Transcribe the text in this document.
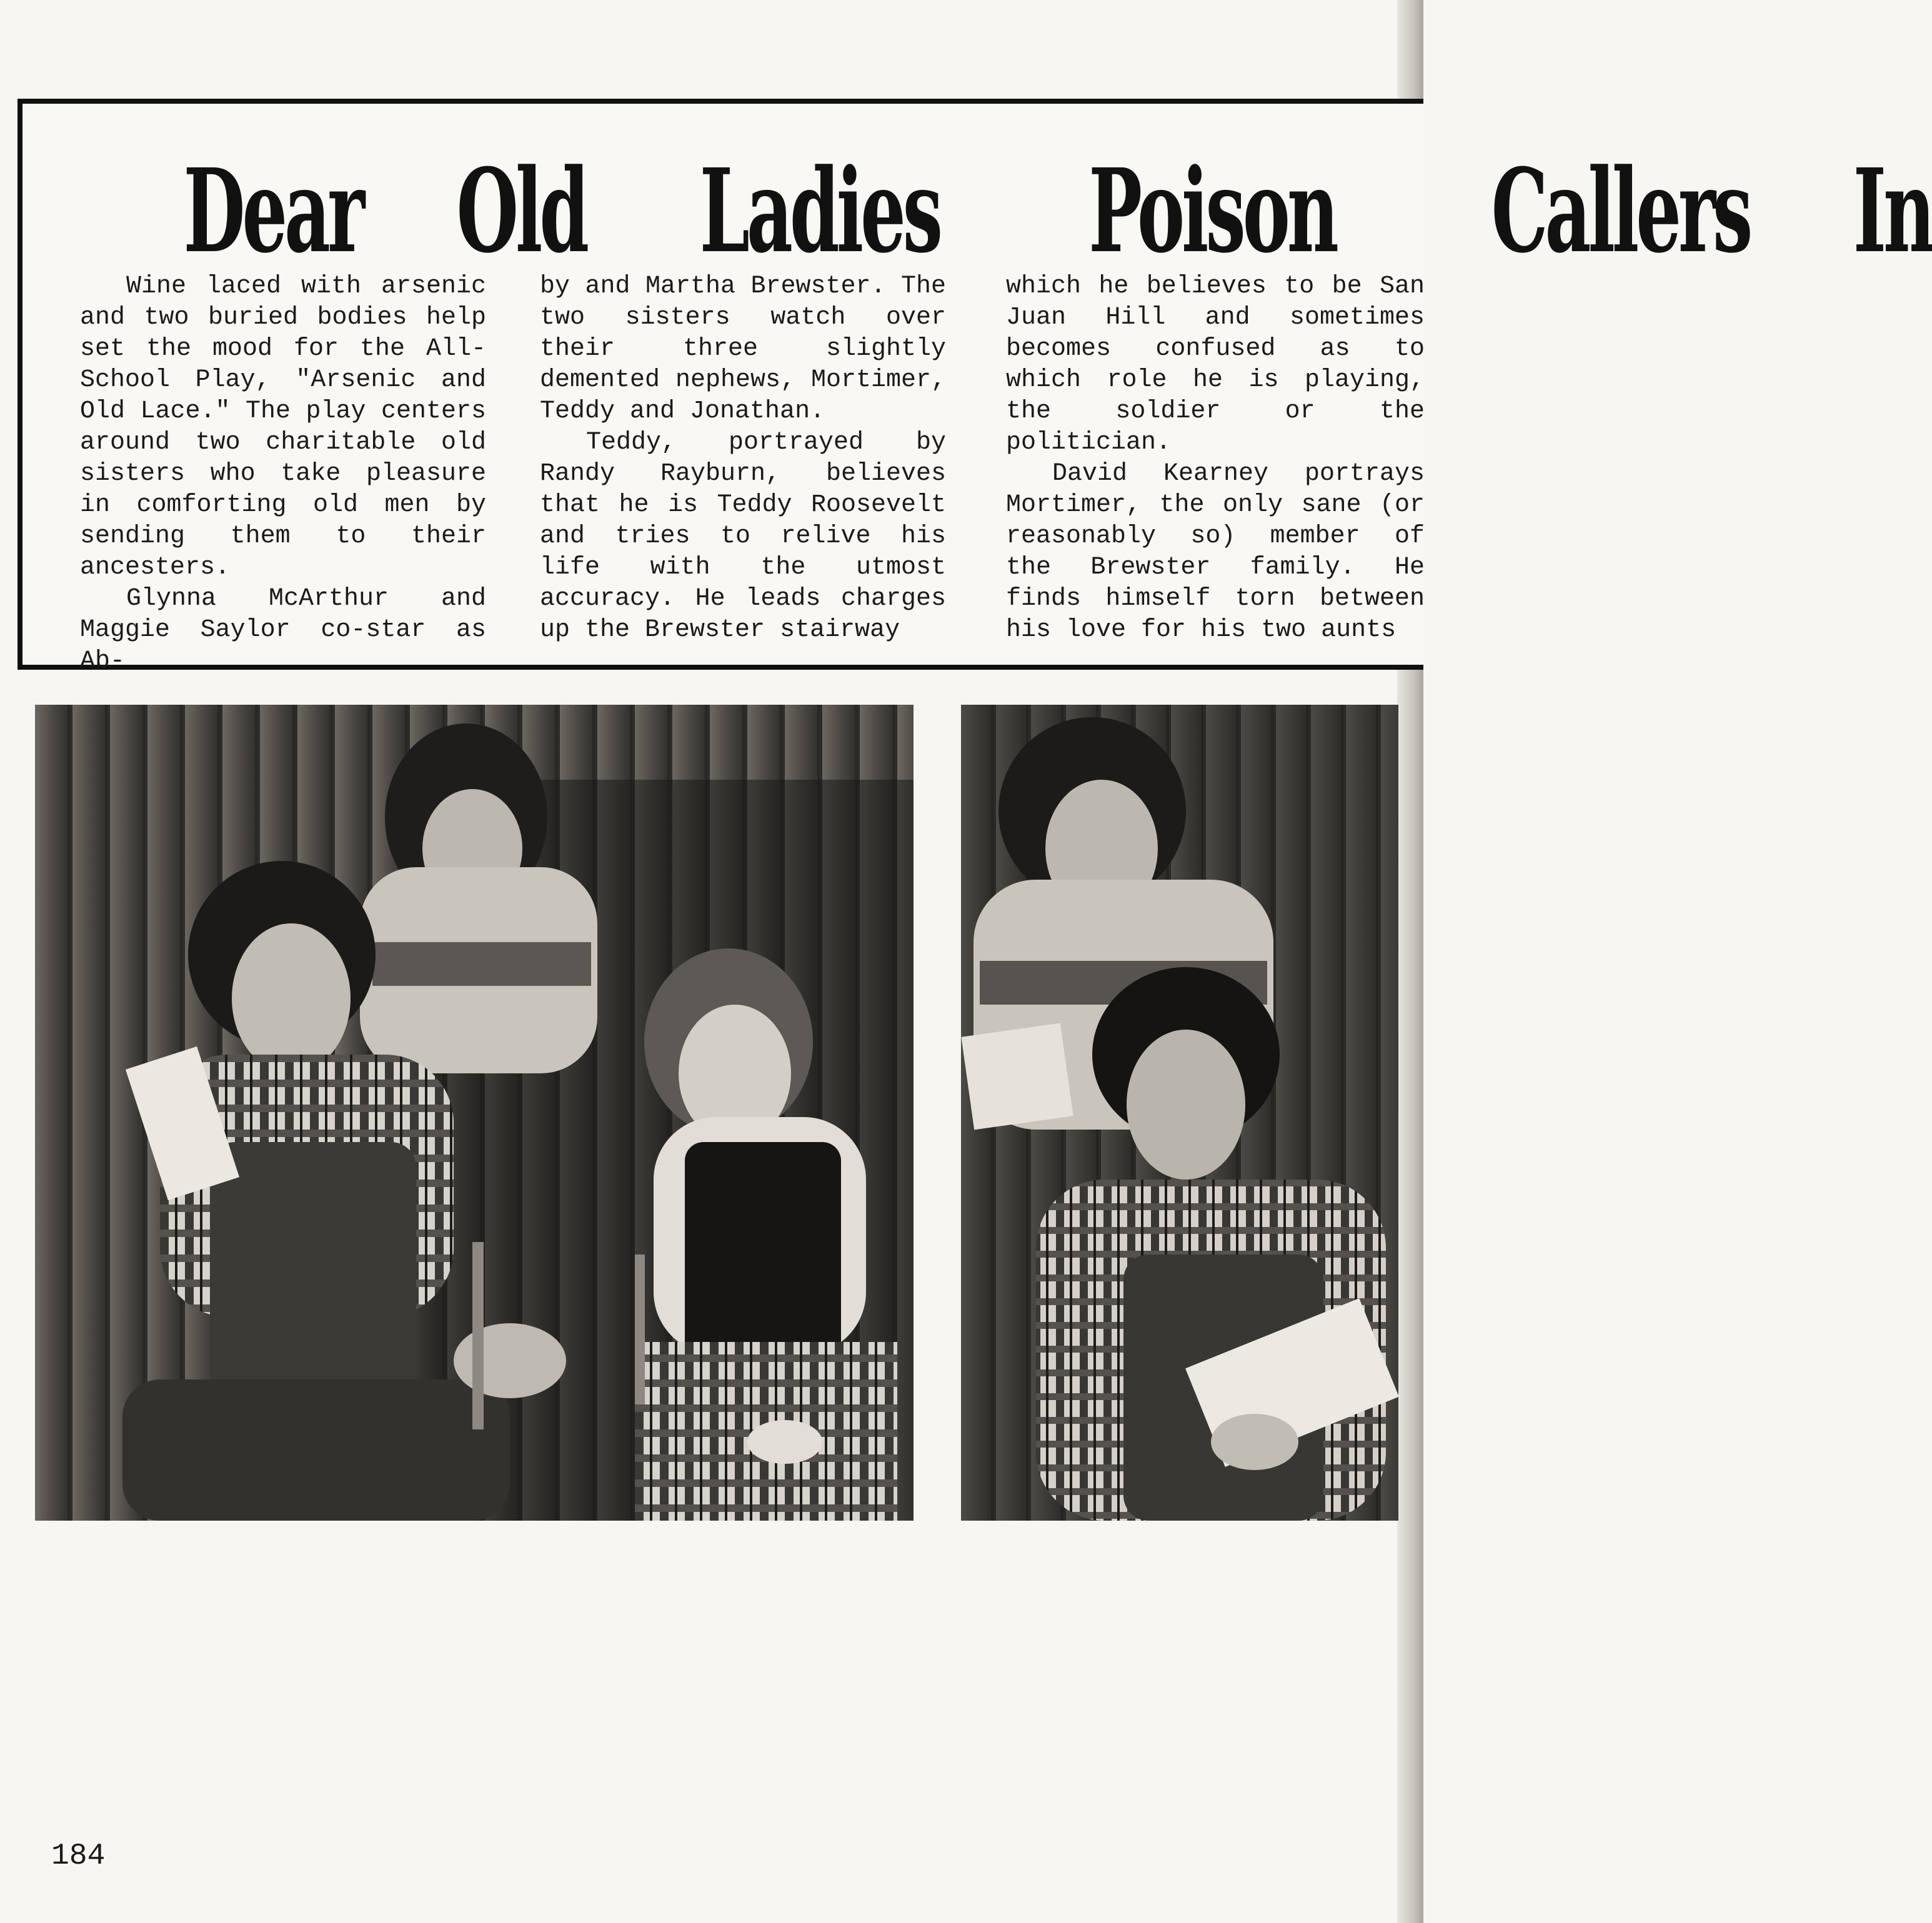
Dear Old Ladies Poison Callers In

Wine laced with arsenic and two buried bodies help set the mood for the All-School Play, "Arsenic and Old Lace." The play centers around two charitable old sisters who take pleasure in comforting old men by sending them to their ancesters.

Glynna McArthur and Maggie Saylor co-star as Ab-

by and Martha Brewster. The two sisters watch over their three slightly demented nephews, Mortimer, Teddy and Jonathan.

Teddy, portrayed by Randy Rayburn, believes that he is Teddy Roosevelt and tries to relive his life with the utmost accuracy. He leads charges up the Brewster stairway

which he believes to be San Juan Hill and sometimes becomes confused as to which role he is playing, the soldier or the politician.

David Kearney portrays Mortimer, the only sane (or reasonably so) member of the Brewster family. He finds himself torn between his love for his two aunts

184
